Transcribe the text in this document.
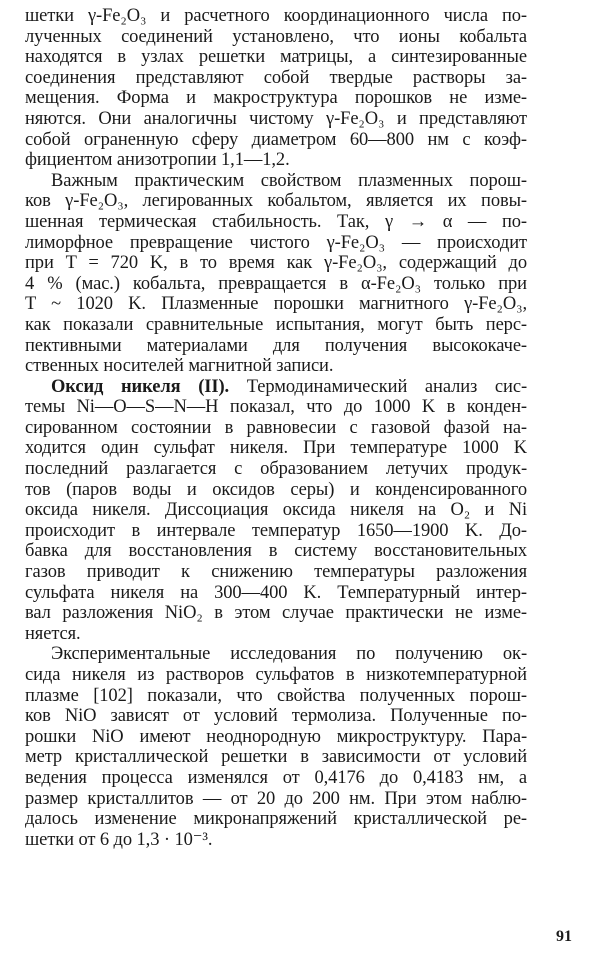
шетки γ-Fe₂O₃ и расчетного координационного числа по-
лученных соединений установлено, что ионы кобальта
находятся в узлах решетки матрицы, а синтезированные
соединения представляют собой твердые растворы за-
мещения. Форма и макроструктура порошков не изме-
няются. Они аналогичны чистому γ-Fe₂O₃ и представляют
собой ограненную сферу диаметром 60—800 нм с коэф-
фициентом анизотропии 1,1—1,2.
Важным практическим свойством плазменных порош-
ков γ-Fe₂O₃, легированных кобальтом, является их повы-
шенная термическая стабильность. Так, γ → α — по-
лиморфное превращение чистого γ-Fe₂O₃ — происходит
при T = 720 K, в то время как γ-Fe₂O₃, содержащий до
4 % (мас.) кобальта, превращается в α-Fe₂O₃ только при
T ~ 1020 K. Плазменные порошки магнитного γ-Fe₂O₃,
как показали сравнительные испытания, могут быть перс-
пективными материалами для получения высококаче-
ственных носителей магнитной записи.
Оксид никеля (II). Термодинамический анализ сис-
темы Ni—O—S—N—H показал, что до 1000 K в конден-
сированном состоянии в равновесии с газовой фазой на-
ходится один сульфат никеля. При температуре 1000 K
последний разлагается с образованием летучих продук-
тов (паров воды и оксидов серы) и конденсированного
оксида никеля. Диссоциация оксида никеля на O₂ и Ni
происходит в интервале температур 1650—1900 K. До-
бавка для восстановления в систему восстановительных
газов приводит к снижению температуры разложения
сульфата никеля на 300—400 K. Температурный интер-
вал разложения NiO₂ в этом случае практически не изме-
няется.
Экспериментальные исследования по получению ок-
сида никеля из растворов сульфатов в низкотемпературной
плазме [102] показали, что свойства полученных порош-
ков NiO зависят от условий термолиза. Полученные по-
рошки NiO имеют неоднородную микроструктуру. Пара-
метр кристаллической решетки в зависимости от условий
ведения процесса изменялся от 0,4176 до 0,4183 нм, а
размер кристаллитов — от 20 до 200 нм. При этом наблю-
далось изменение микронапряжений кристаллической ре-
шетки от 6 до 1,3 · 10⁻³.
91
